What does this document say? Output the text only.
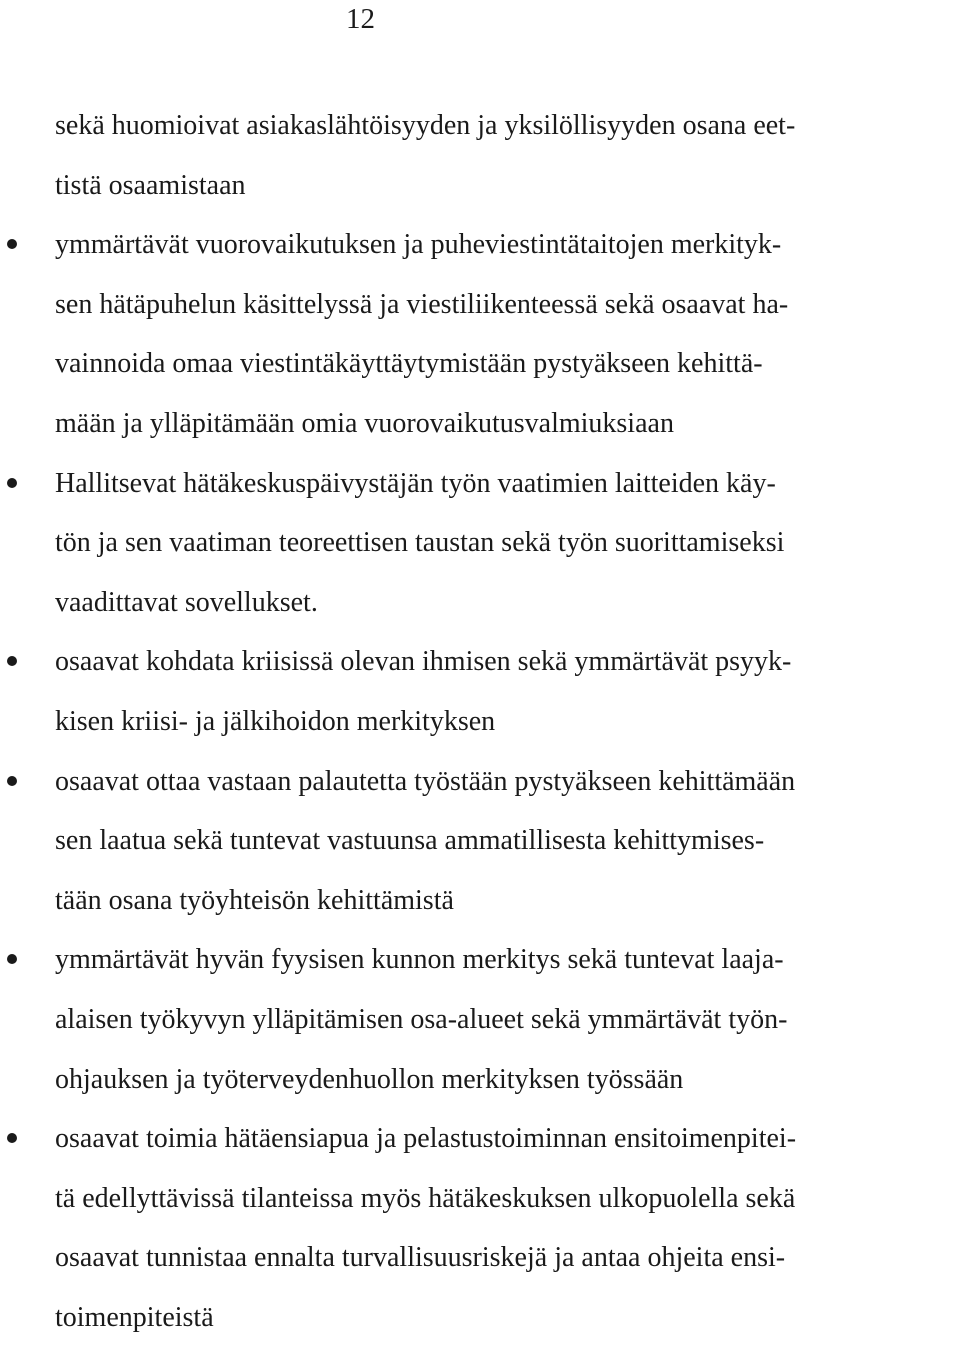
12
sekä huomioivat asiakaslähtöisyyden ja yksilöllisyyden osana eet-
tistä osaamistaan
ymmärtävät vuorovaikutuksen ja puheviestintätaitojen merkityk-
sen hätäpuhelun käsittelyssä ja viestiliikenteessä sekä osaavat ha-
vainnoida omaa viestintäkäyttäytymistään pystyäkseen kehittä-
mään ja ylläpitämään omia vuorovaikutusvalmiuksiaan
Hallitsevat hätäkeskuspäivystäjän työn vaatimien laitteiden käy-
tön ja sen vaatiman teoreettisen taustan sekä työn suorittamiseksi
vaadittavat sovellukset.
osaavat kohdata kriisissä olevan ihmisen sekä ymmärtävät psyyk-
kisen kriisi- ja jälkihoidon merkityksen
osaavat ottaa vastaan palautetta työstään pystyäkseen kehittämään
sen laatua sekä tuntevat vastuunsa ammatillisesta kehittymises-
tään osana työyhteisön kehittämistä
ymmärtävät hyvän fyysisen kunnon merkitys sekä tuntevat laaja-
alaisen työkyvyn ylläpitämisen osa-alueet sekä ymmärtävät työn-
ohjauksen ja työterveydenhuollon merkityksen työssään
osaavat toimia hätäensiapua ja pelastustoiminnan ensitoimenpitei-
tä edellyttävissä tilanteissa myös hätäkeskuksen ulkopuolella sekä
osaavat tunnistaa ennalta turvallisuusriskejä ja antaa ohjeita ensi-
toimenpiteistä
